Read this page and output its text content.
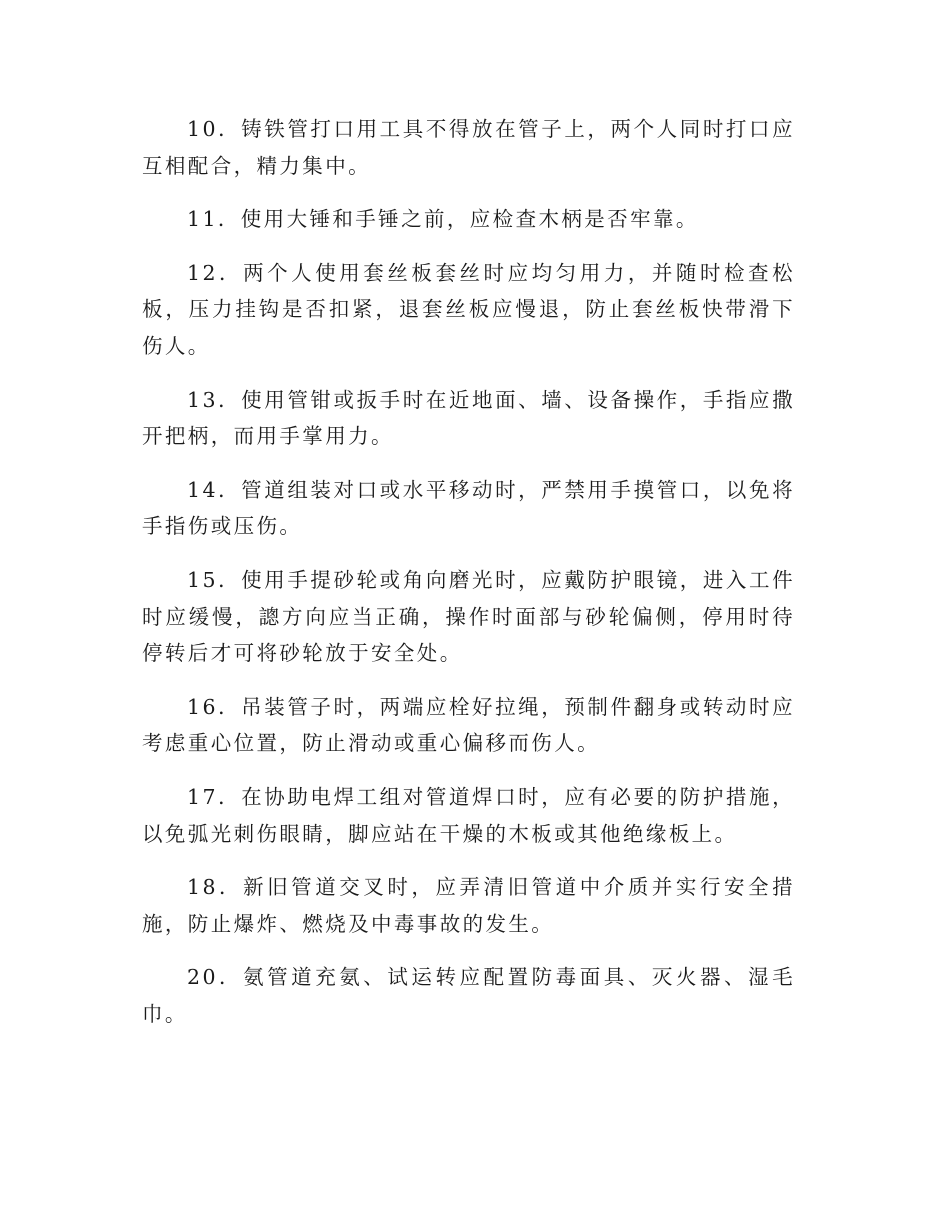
10．铸铁管打口用工具不得放在管子上，两个人同时打口应互相配合，精力集中。

11．使用大锤和手锤之前，应检查木柄是否牢靠。

12．两个人使用套丝板套丝时应均匀用力，并随时检查松板，压力挂钩是否扣紧，退套丝板应慢退，防止套丝板快带滑下伤人。

13．使用管钳或扳手时在近地面、墙、设备操作，手指应撒开把柄，而用手掌用力。

14．管道组装对口或水平移动时，严禁用手摸管口，以免将手指伤或压伤。

15．使用手提砂轮或角向磨光时，应戴防护眼镜，进入工件时应缓慢，謥方向应当正确，操作时面部与砂轮偏侧，停用时待停转后才可将砂轮放于安全处。

16．吊装管子时，两端应栓好拉绳，预制件翻身或转动时应考虑重心位置，防止滑动或重心偏移而伤人。

17．在协助电焊工组对管道焊口时，应有必要的防护措施，以免弧光刺伤眼睛，脚应站在干燥的木板或其他绝缘板上。

18．新旧管道交叉时，应弄清旧管道中介质并实行安全措施，防止爆炸、燃烧及中毒事故的发生。

20．氨管道充氨、试运转应配置防毒面具、灭火器、湿毛巾。
